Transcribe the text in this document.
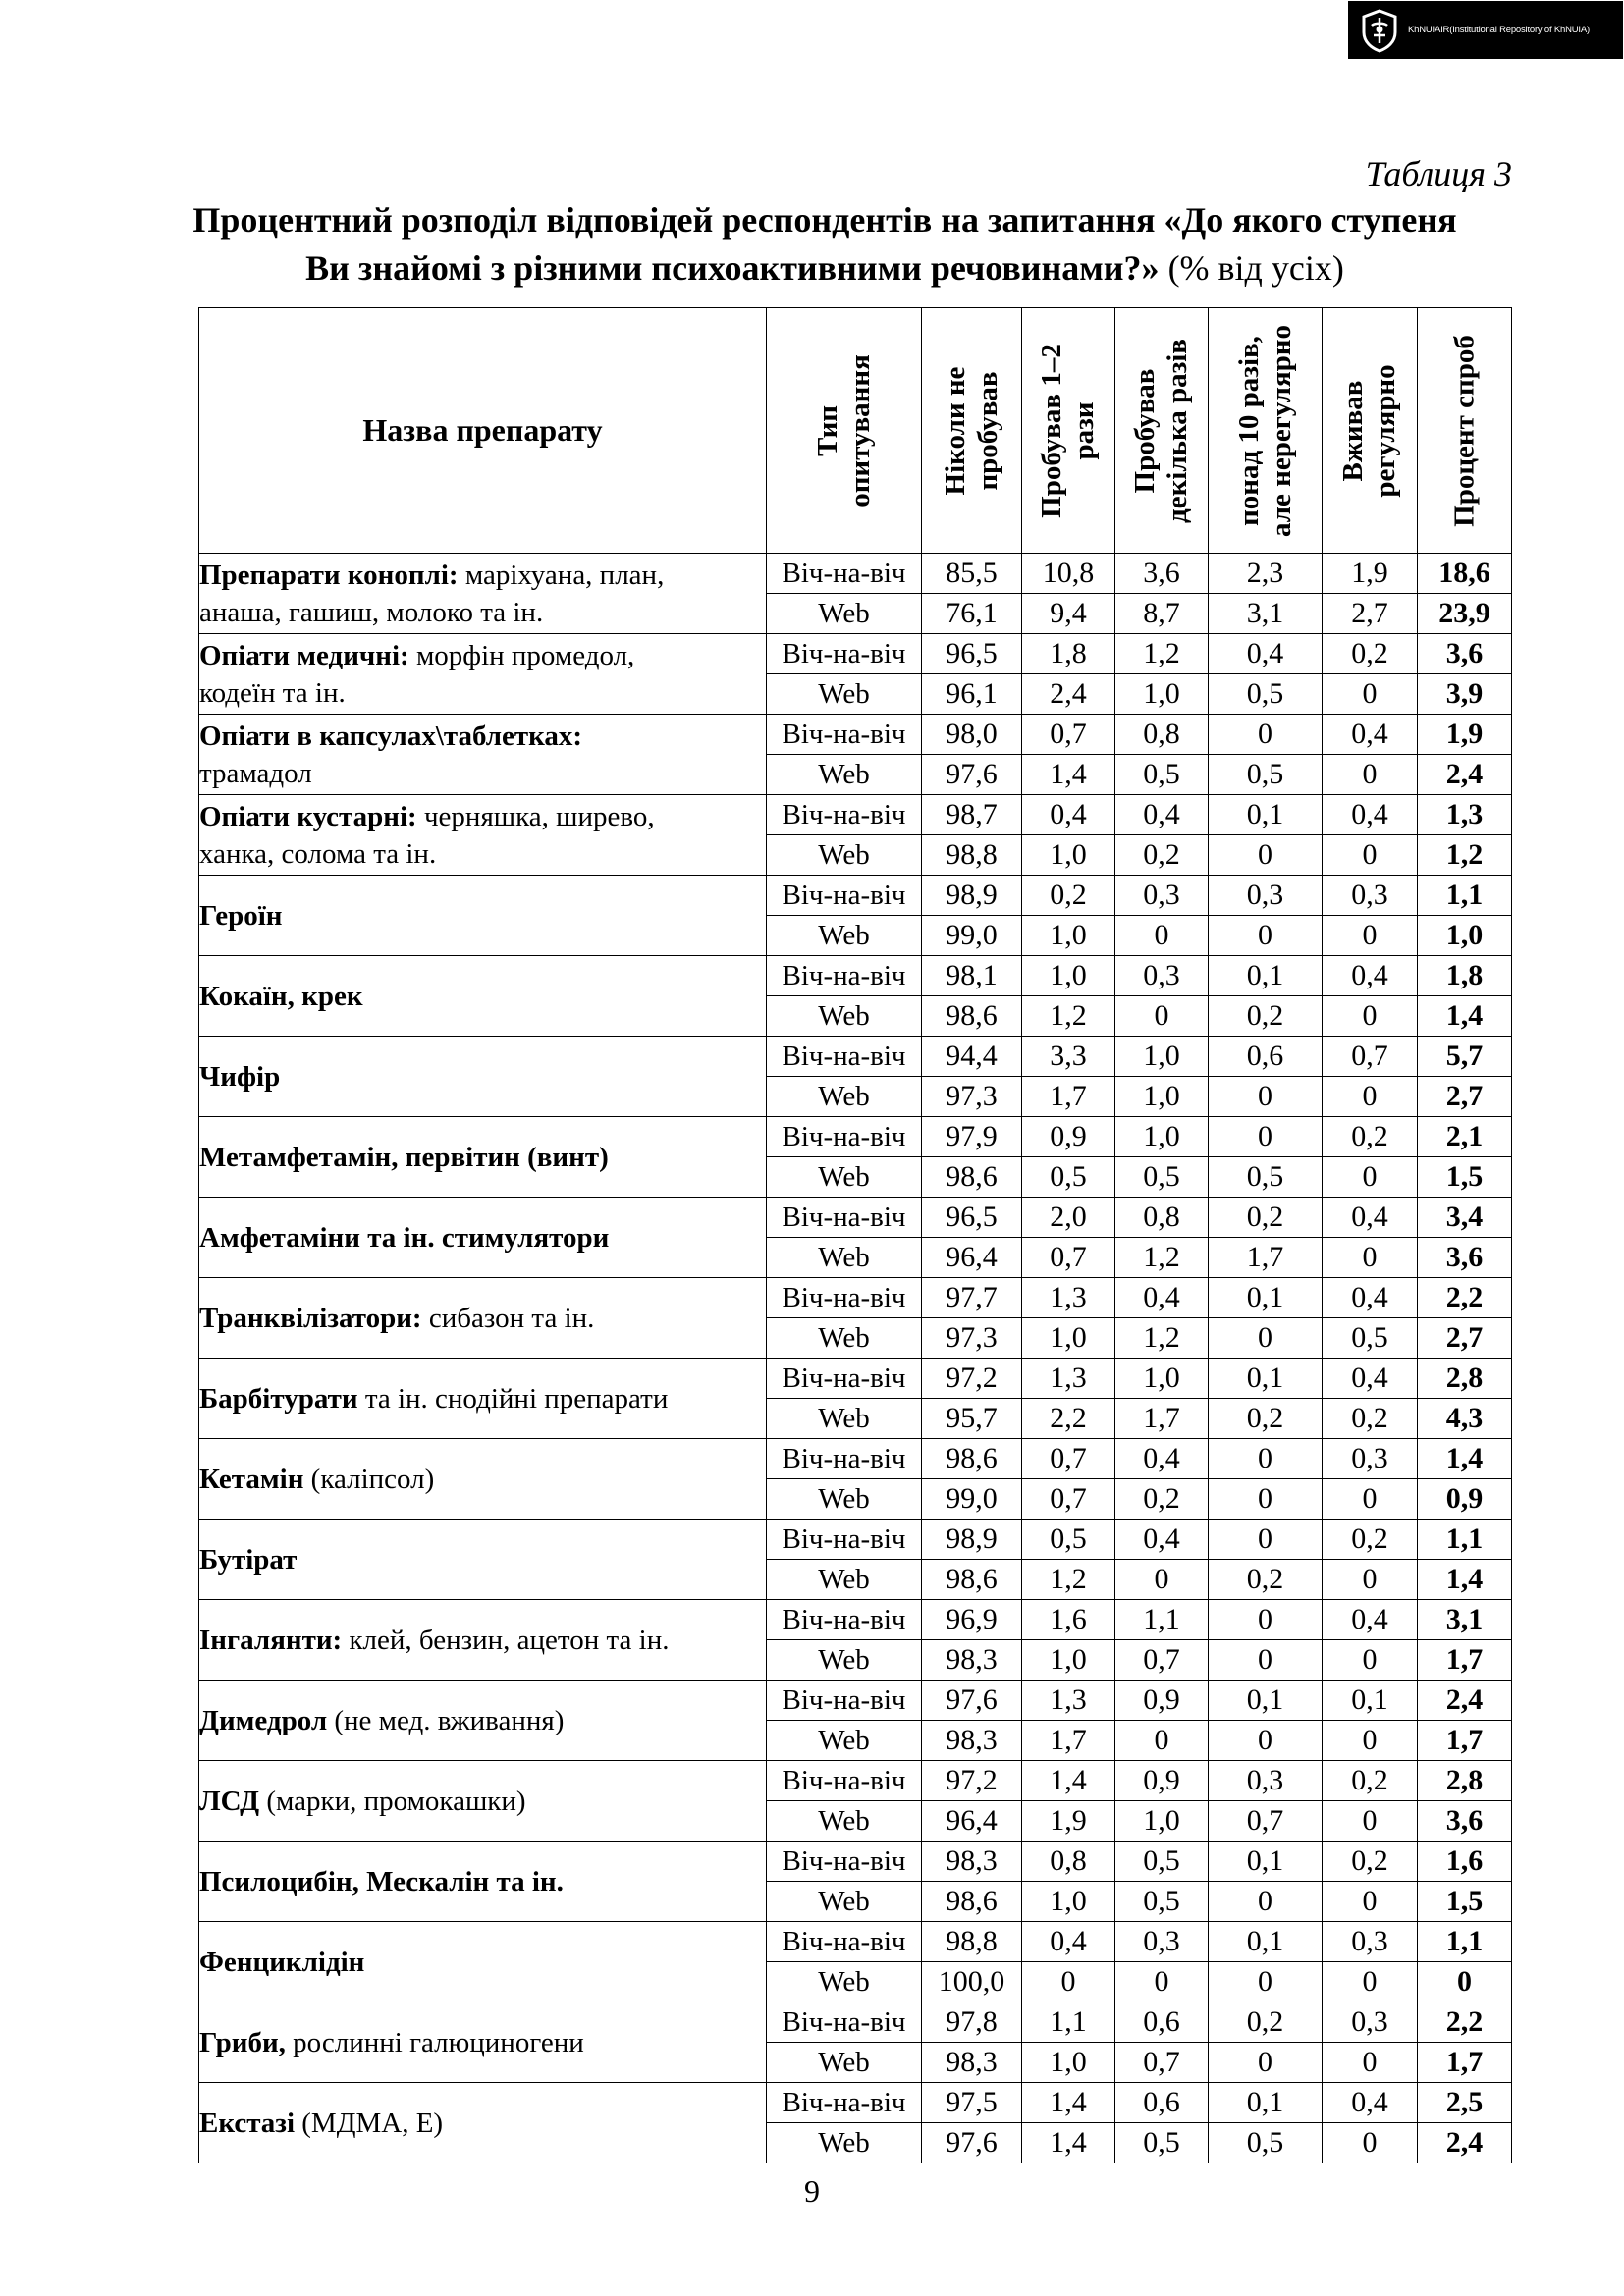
KhNUIAIR(Institutional Repository of KhNUIA)
Таблиця 3
Процентний розподіл відповідей респондентів на запитання «До якого ступеня Ви знайомі з різними психоактивними речовинами?» (% від усіх)
Назва препарату	Тип опитування	Ніколи не пробував	Пробував 1–2 рази	Пробував декілька разів	понад 10 разів, але нерегулярно	Вживав регулярно	Процент спроб

Препарати коноплі: маріхуана, план,
анаша, гашиш, молоко та ін.	Віч-на-віч	85,5	10,8	3,6	2,3	1,9	18,6
	Web	76,1	9,4	8,7	3,1	2,7	23,9
Опіати медичні: морфін промедол,
кодеїн та ін.	Віч-на-віч	96,5	1,8	1,2	0,4	0,2	3,6
	Web	96,1	2,4	1,0	0,5	0	3,9
Опіати в капсулах\таблетках:
трамадол	Віч-на-віч	98,0	0,7	0,8	0	0,4	1,9
	Web	97,6	1,4	0,5	0,5	0	2,4
Опіати кустарні: черняшка, ширево,
ханка, солома та ін.	Віч-на-віч	98,7	0,4	0,4	0,1	0,4	1,3
	Web	98,8	1,0	0,2	0	0	1,2
Героїн	Віч-на-віч	98,9	0,2	0,3	0,3	0,3	1,1
	Web	99,0	1,0	0	0	0	1,0
Кокаїн, крек	Віч-на-віч	98,1	1,0	0,3	0,1	0,4	1,8
	Web	98,6	1,2	0	0,2	0	1,4
Чифір	Віч-на-віч	94,4	3,3	1,0	0,6	0,7	5,7
	Web	97,3	1,7	1,0	0	0	2,7
Метамфетамін, первітин (винт)	Віч-на-віч	97,9	0,9	1,0	0	0,2	2,1
	Web	98,6	0,5	0,5	0,5	0	1,5
Амфетаміни та ін. стимулятори	Віч-на-віч	96,5	2,0	0,8	0,2	0,4	3,4
	Web	96,4	0,7	1,2	1,7	0	3,6
Транквілізатори: сибазон та ін.	Віч-на-віч	97,7	1,3	0,4	0,1	0,4	2,2
	Web	97,3	1,0	1,2	0	0,5	2,7
Барбітурати та ін. снодійні препарати	Віч-на-віч	97,2	1,3	1,0	0,1	0,4	2,8
	Web	95,7	2,2	1,7	0,2	0,2	4,3
Кетамін (каліпсол)	Віч-на-віч	98,6	0,7	0,4	0	0,3	1,4
	Web	99,0	0,7	0,2	0	0	0,9
Бутірат	Віч-на-віч	98,9	0,5	0,4	0	0,2	1,1
	Web	98,6	1,2	0	0,2	0	1,4
Інгалянти: клей, бензин, ацетон та ін.	Віч-на-віч	96,9	1,6	1,1	0	0,4	3,1
	Web	98,3	1,0	0,7	0	0	1,7
Димедрол (не мед. вживання)	Віч-на-віч	97,6	1,3	0,9	0,1	0,1	2,4
	Web	98,3	1,7	0	0	0	1,7
ЛСД (марки, промокашки)	Віч-на-віч	97,2	1,4	0,9	0,3	0,2	2,8
	Web	96,4	1,9	1,0	0,7	0	3,6
Псилоцибін, Мескалін та ін.	Віч-на-віч	98,3	0,8	0,5	0,1	0,2	1,6
	Web	98,6	1,0	0,5	0	0	1,5
Фенциклідін	Віч-на-віч	98,8	0,4	0,3	0,1	0,3	1,1
	Web	100,0	0	0	0	0	0
Гриби, рослинні галюциногени	Віч-на-віч	97,8	1,1	0,6	0,2	0,3	2,2
	Web	98,3	1,0	0,7	0	0	1,7
Екстазі (МДМА, Е)	Віч-на-віч	97,5	1,4	0,6	0,1	0,4	2,5
	Web	97,6	1,4	0,5	0,5	0	2,4
9
